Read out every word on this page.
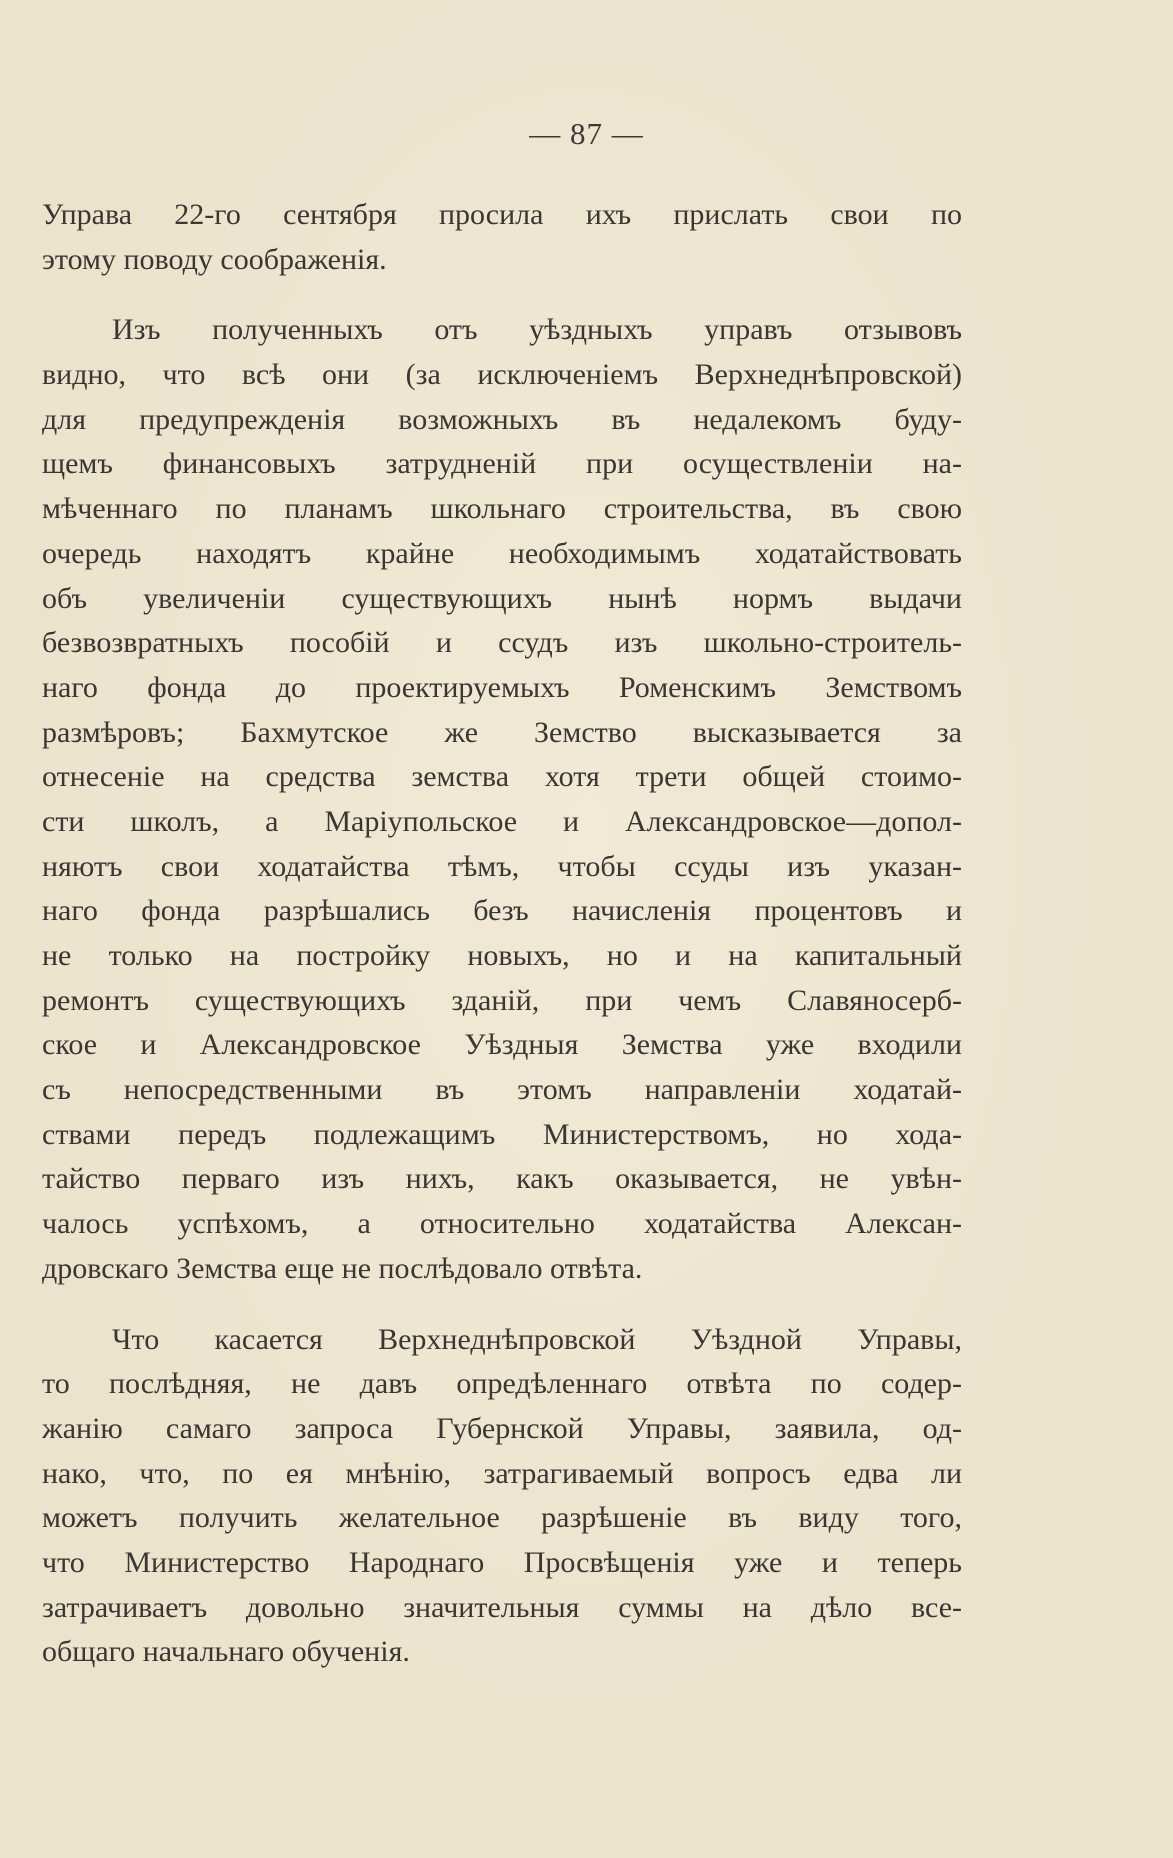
— 87 —
Управа 22-го сентября просила ихъ прислать свои по
этому поводу соображенія.
Изъ полученныхъ отъ уѣздныхъ управъ отзывовъ
видно, что всѣ они (за исключеніемъ Верхнеднѣпровской)
для предупрежденія возможныхъ въ недалекомъ буду-
щемъ финансовыхъ затрудненій при осуществленіи на-
мѣченнаго по планамъ школьнаго строительства, въ свою
очередь находятъ крайне необходимымъ ходатайствовать
объ увеличеніи существующихъ нынѣ нормъ выдачи
безвозвратныхъ пособій и ссудъ изъ школьно-строитель-
наго фонда до проектируемыхъ Роменскимъ Земствомъ
размѣровъ; Бахмутское же Земство высказывается за
отнесеніе на средства земства хотя трети общей стоимо-
сти школъ, а Маріупольское и Александровское—допол-
няютъ свои ходатайства тѣмъ, чтобы ссуды изъ указан-
наго фонда разрѣшались безъ начисленія процентовъ и
не только на постройку новыхъ, но и на капитальный
ремонтъ существующихъ зданій, при чемъ Славяносерб-
ское и Александровское Уѣздныя Земства уже входили
съ непосредственными въ этомъ направленіи ходатай-
ствами передъ подлежащимъ Министерствомъ, но хода-
тайство перваго изъ нихъ, какъ оказывается, не увѣн-
чалось успѣхомъ, а относительно ходатайства Алексан-
дровскаго Земства еще не послѣдовало отвѣта.
Что касается Верхнеднѣпровской Уѣздной Управы,
то послѣдняя, не давъ опредѣленнаго отвѣта по содер-
жанію самаго запроса Губернской Управы, заявила, од-
нако, что, по ея мнѣнію, затрагиваемый вопросъ едва ли
можетъ получить желательное разрѣшеніе въ виду того,
что Министерство Народнаго Просвѣщенія уже и теперь
затрачиваетъ довольно значительныя суммы на дѣло все-
общаго начальнаго обученія.
